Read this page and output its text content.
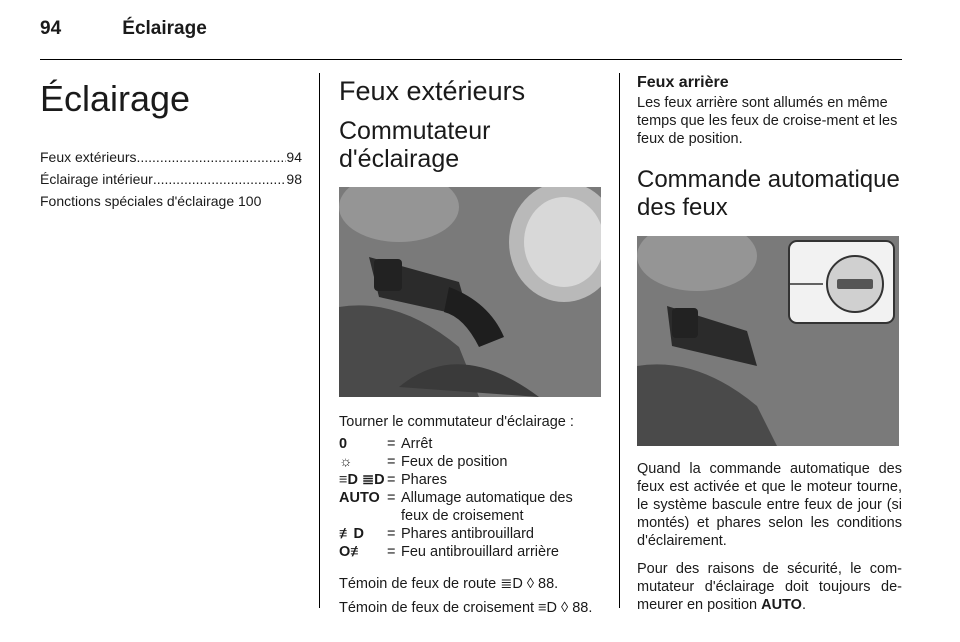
94	Éclairage
Éclairage
Feux extérieurs .....	94
Éclairage intérieur .....	98
Fonctions spéciales d'éclairage 100
Feux extérieurs
Commutateur d'éclairage

Tourner le commutateur d'éclairage :

0	= Arrêt
☼	= Feux de position
≡D ≣D = Phares
AUTO = Allumage automatique des feux de croisement
≢D	= Phares antibrouillard
O≢	= Feu antibrouillard arrière

Témoin de feux de route ≣D ◊ 88.

Témoin de feux de croisement ≡D ◊ 88.

Feux arrière

Les feux arrière sont allumés en même temps que les feux de croise-ment et les feux de position.

Commande automatique des feux

Quand la commande automatique des feux est activée et que le moteur tourne, le système bascule entre feux de jour (si montés) et phares selon les conditions d'éclairement.

Pour des raisons de sécurité, le com-mutateur d'éclairage doit toujours de-meurer en position AUTO.
